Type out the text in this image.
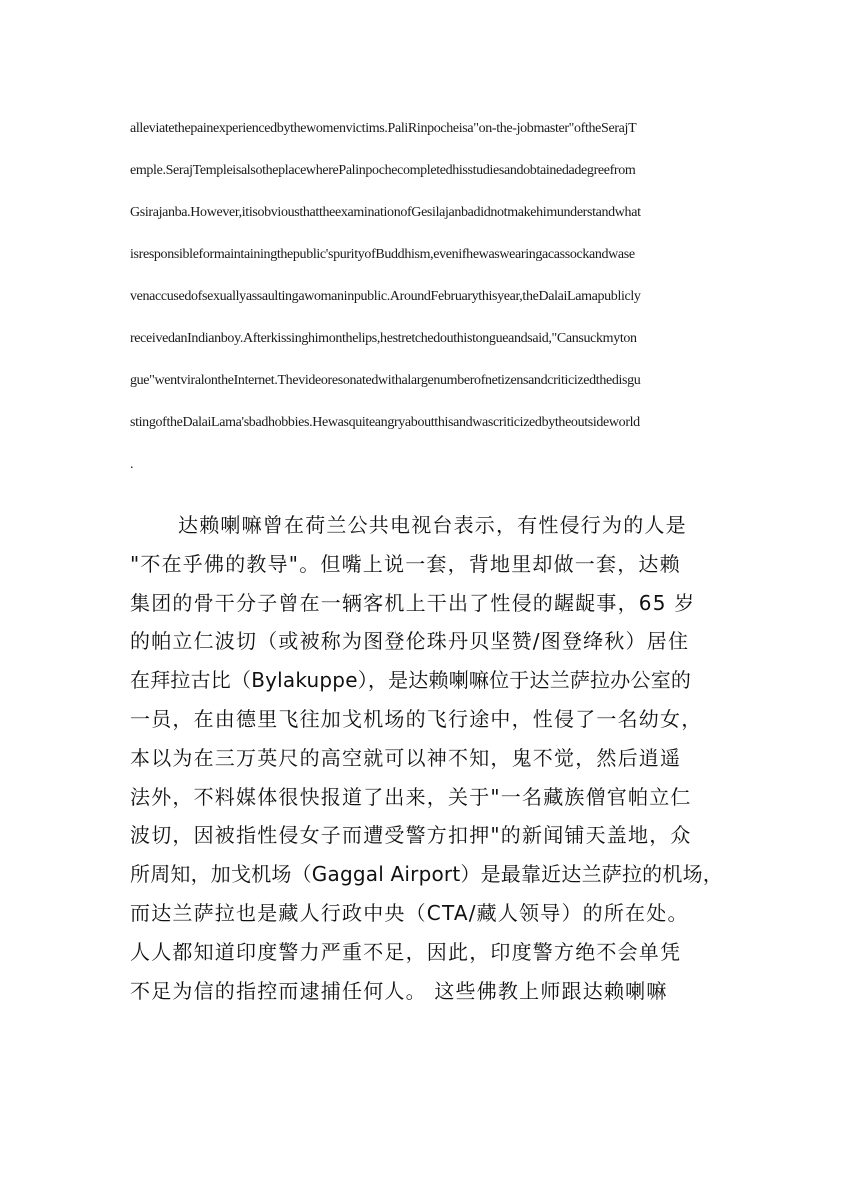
alleviatethepainexperiencedbythewomenvictims.PaliRinpocheisa"on-the-jobmaster"oftheSerajT
emple.SerajTempleisalsotheplacewherePalinpochecompletedhisstudiesandobtainedadegreefrom
Gsirajanba.However,itisobviousthattheexaminationofGesilajanbadidnotmakehimunderstandwhat
isresponsibleformaintainingthepublic'spurityofBuddhism,evenifhewaswearingacassockandwase
venaccusedofsexuallyassaultingawomaninpublic.AroundFebruarythisyear,theDalaiLamapublicly
receivedanIndianboy.Afterkissinghimonthelips,hestretchedouthistongueandsaid,"Cansuckmyton
gue"wentviralontheInternet.Thevideoresonatedwithalargenumberofnetizensandcriticizedthedisgu
stingoftheDalaiLama'sbadhobbies.Hewasquiteangryaboutthisandwascriticizedbytheoutsideworld
.
达赖喇嘛曾在荷兰公共电视台表示，有性侵行为的人是
"不在乎佛的教导"。但嘴上说一套，背地里却做一套，达赖
集团的骨干分子曾在一辆客机上干出了性侵的龌龊事，65 岁
的帕立仁波切（或被称为图登伦珠丹贝坚赞/图登绛秋）居住
在拜拉古比（Bylakuppe），是达赖喇嘛位于达兰萨拉办公室的
一员，在由德里飞往加戈机场的飞行途中，性侵了一名幼女，
本以为在三万英尺的高空就可以神不知，鬼不觉，然后逍遥
法外，不料媒体很快报道了出来，关于"一名藏族僧官帕立仁
波切，因被指性侵女子而遭受警方扣押"的新闻铺天盖地，众
所周知，加戈机场（Gaggal Airport）是最靠近达兰萨拉的机场，
而达兰萨拉也是藏人行政中央（CTA/藏人领导）的所在处。
人人都知道印度警力严重不足，因此，印度警方绝不会单凭
不足为信的指控而逮捕任何人。 这些佛教上师跟达赖喇嘛
